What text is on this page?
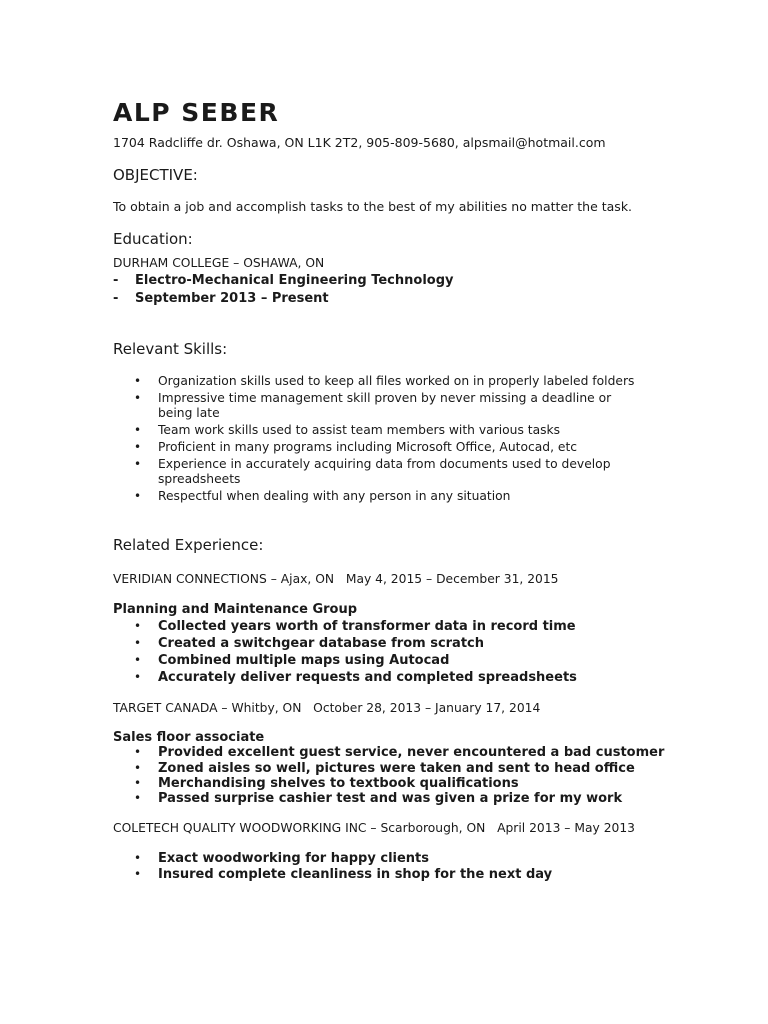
ALP SEBER
1704 Radcliffe dr. Oshawa, ON L1K 2T2, 905-809-5680, alpsmail@hotmail.com
OBJECTIVE:
To obtain a job and accomplish tasks to the best of my abilities no matter the task.
Education:
DURHAM COLLEGE – OSHAWA, ON
- Electro-Mechanical Engineering Technology
- September 2013 – Present
Relevant Skills:
• Organization skills used to keep all files worked on in properly labeled folders
• Impressive time management skill proven by never missing a deadline or
being late
• Team work skills used to assist team members with various tasks
• Proficient in many programs including Microsoft Office, Autocad, etc
• Experience in accurately acquiring data from documents used to develop
spreadsheets
• Respectful when dealing with any person in any situation
Related Experience:
VERIDIAN CONNECTIONS – Ajax, ON   May 4, 2015 – December 31, 2015
Planning and Maintenance Group
• Collected years worth of transformer data in record time
• Created a switchgear database from scratch
• Combined multiple maps using Autocad
• Accurately deliver requests and completed spreadsheets
TARGET CANADA – Whitby, ON   October 28, 2013 – January 17, 2014
Sales floor associate
• Provided excellent guest service, never encountered a bad customer
• Zoned aisles so well, pictures were taken and sent to head office
• Merchandising shelves to textbook qualifications
• Passed surprise cashier test and was given a prize for my work
COLETECH QUALITY WOODWORKING INC – Scarborough, ON   April 2013 – May 2013
• Exact woodworking for happy clients
• Insured complete cleanliness in shop for the next day
